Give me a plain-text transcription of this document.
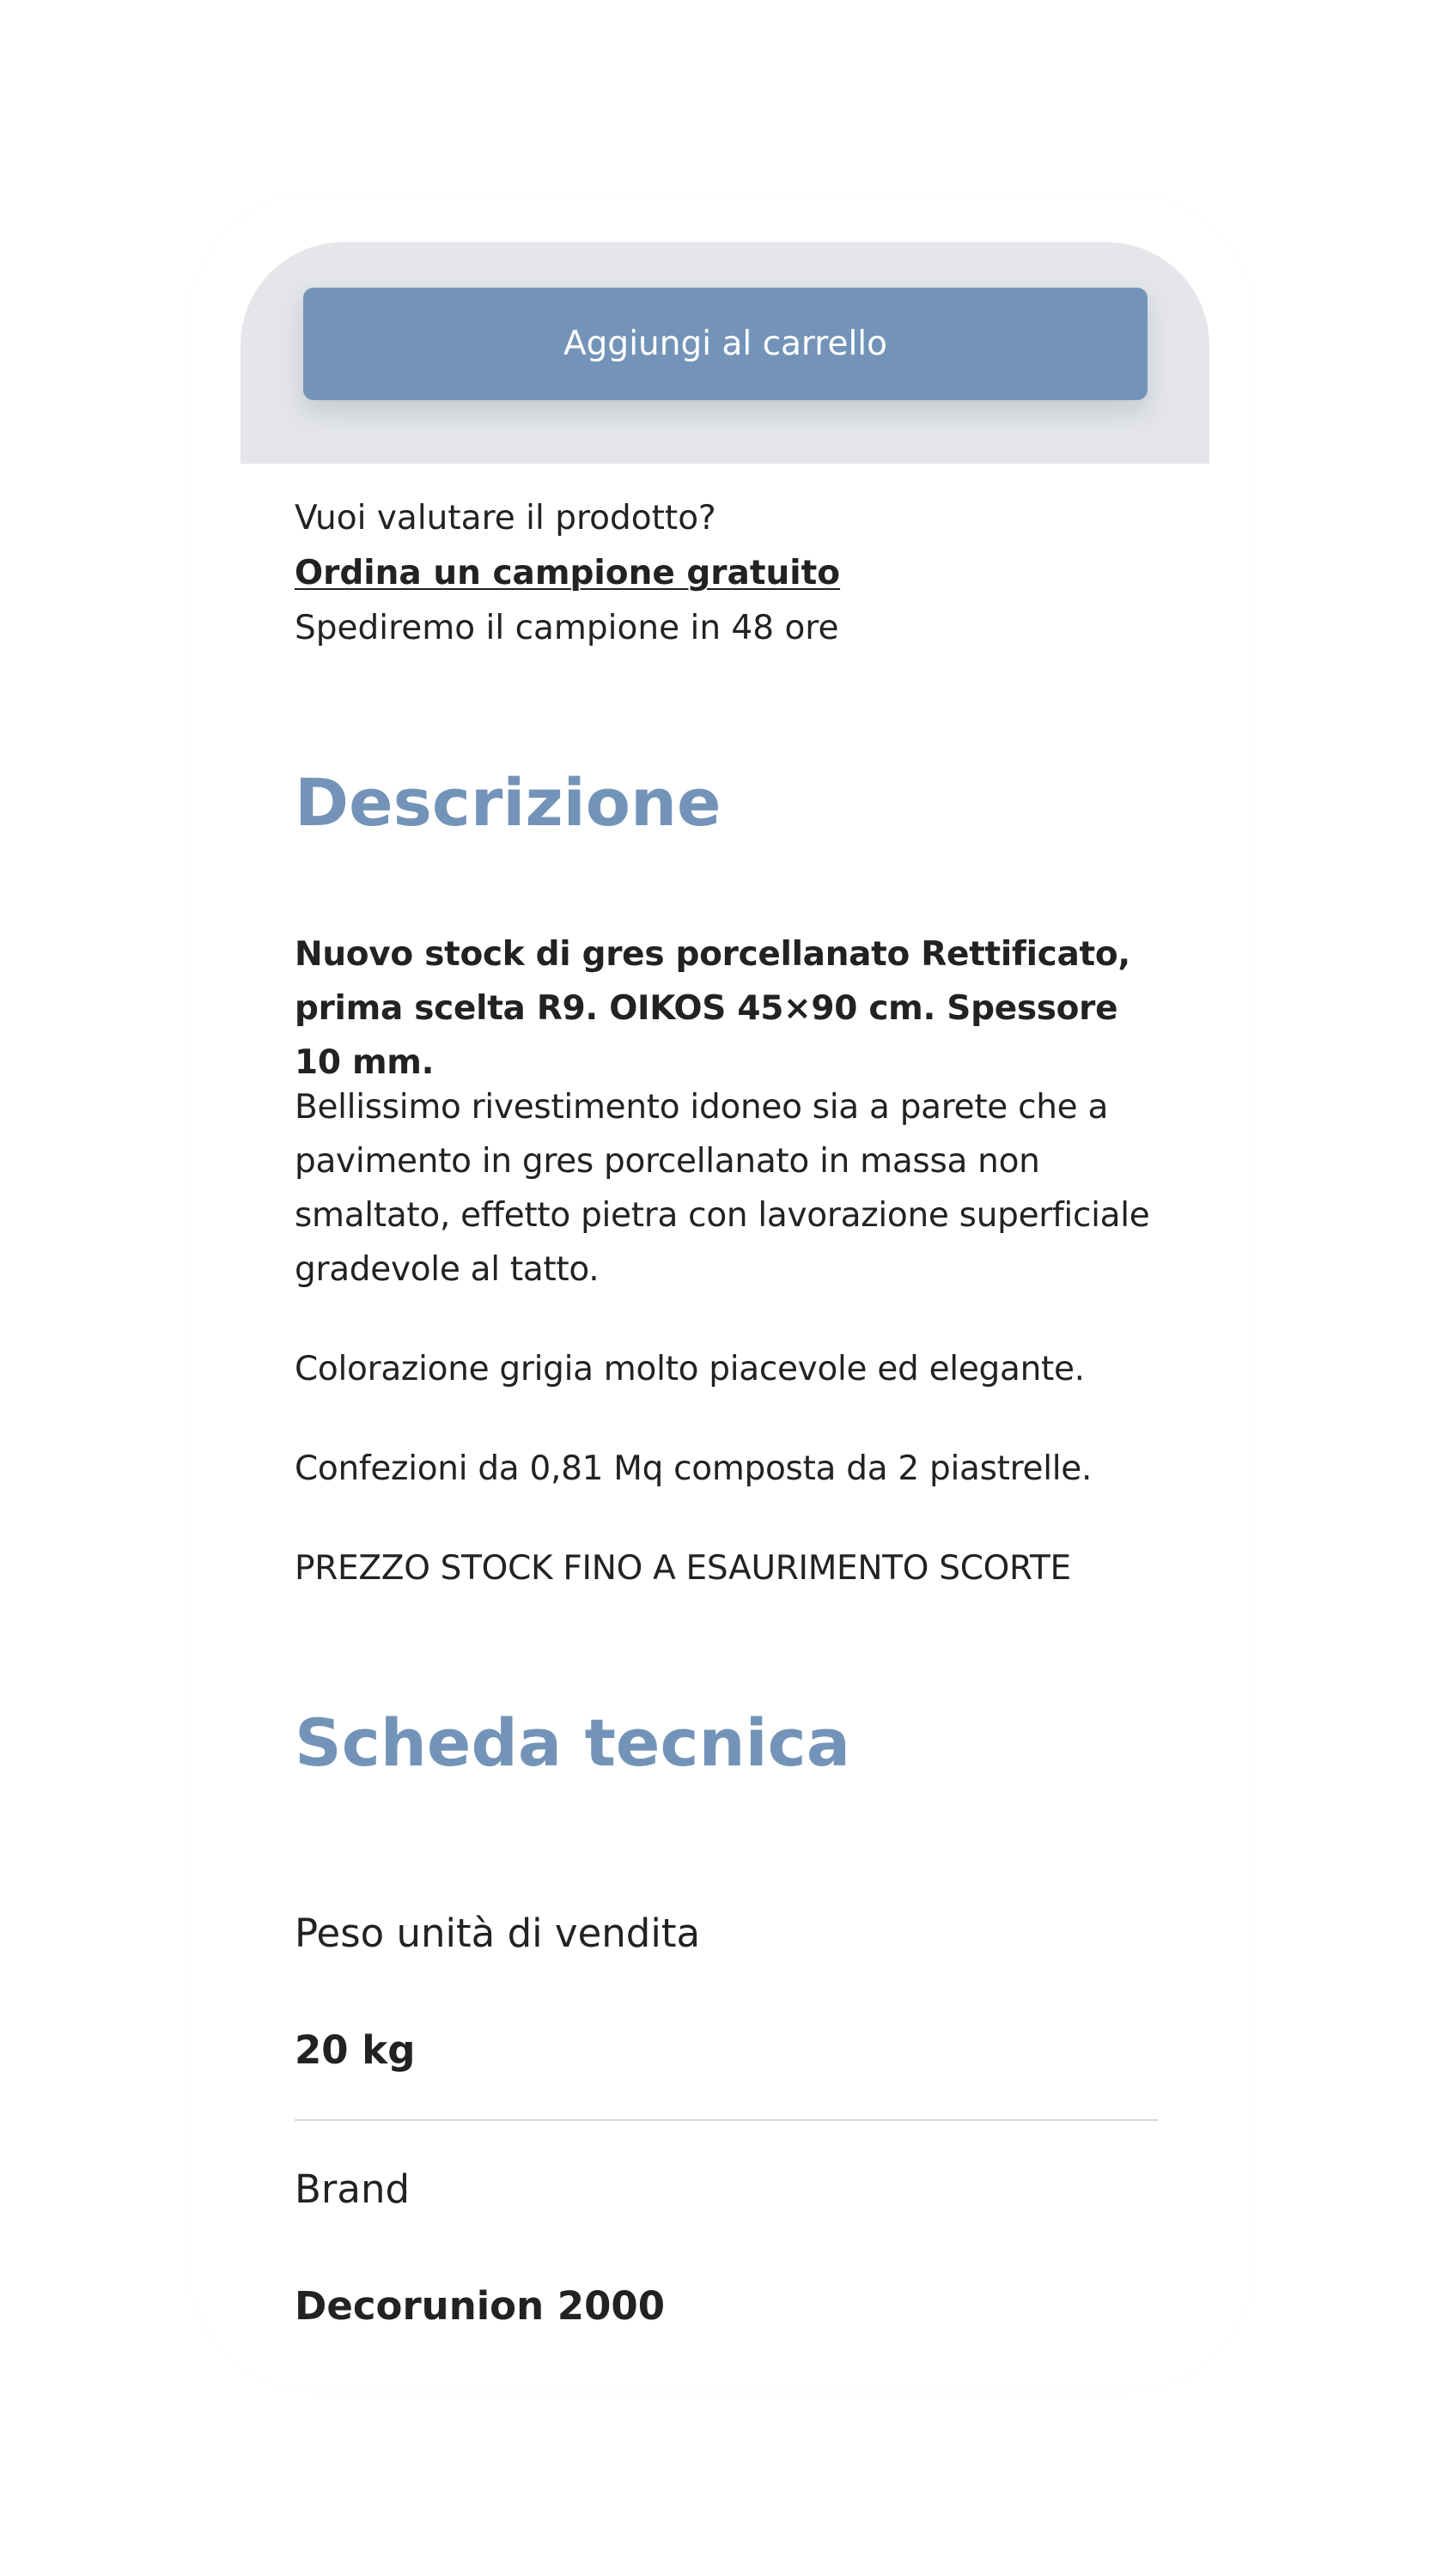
Aggiungi al carrello
Vuoi valutare il prodotto?
Ordina un campione gratuito
Spediremo il campione in 48 ore
Descrizione

Nuovo stock di gres porcellanato Rettificato, prima scelta R9. OIKOS 45×90 cm. Spessore 10 mm.

Bellissimo rivestimento idoneo sia a parete che a pavimento in gres porcellanato in massa non smaltato, effetto pietra con lavorazione superficiale gradevole al tatto.

Colorazione grigia molto piacevole ed elegante.

Confezioni da 0,81 Mq composta da 2 piastrelle.

PREZZO STOCK FINO A ESAURIMENTO SCORTE

Scheda tecnica
Peso unità di vendita
20 kg
Brand
Decorunion 2000
